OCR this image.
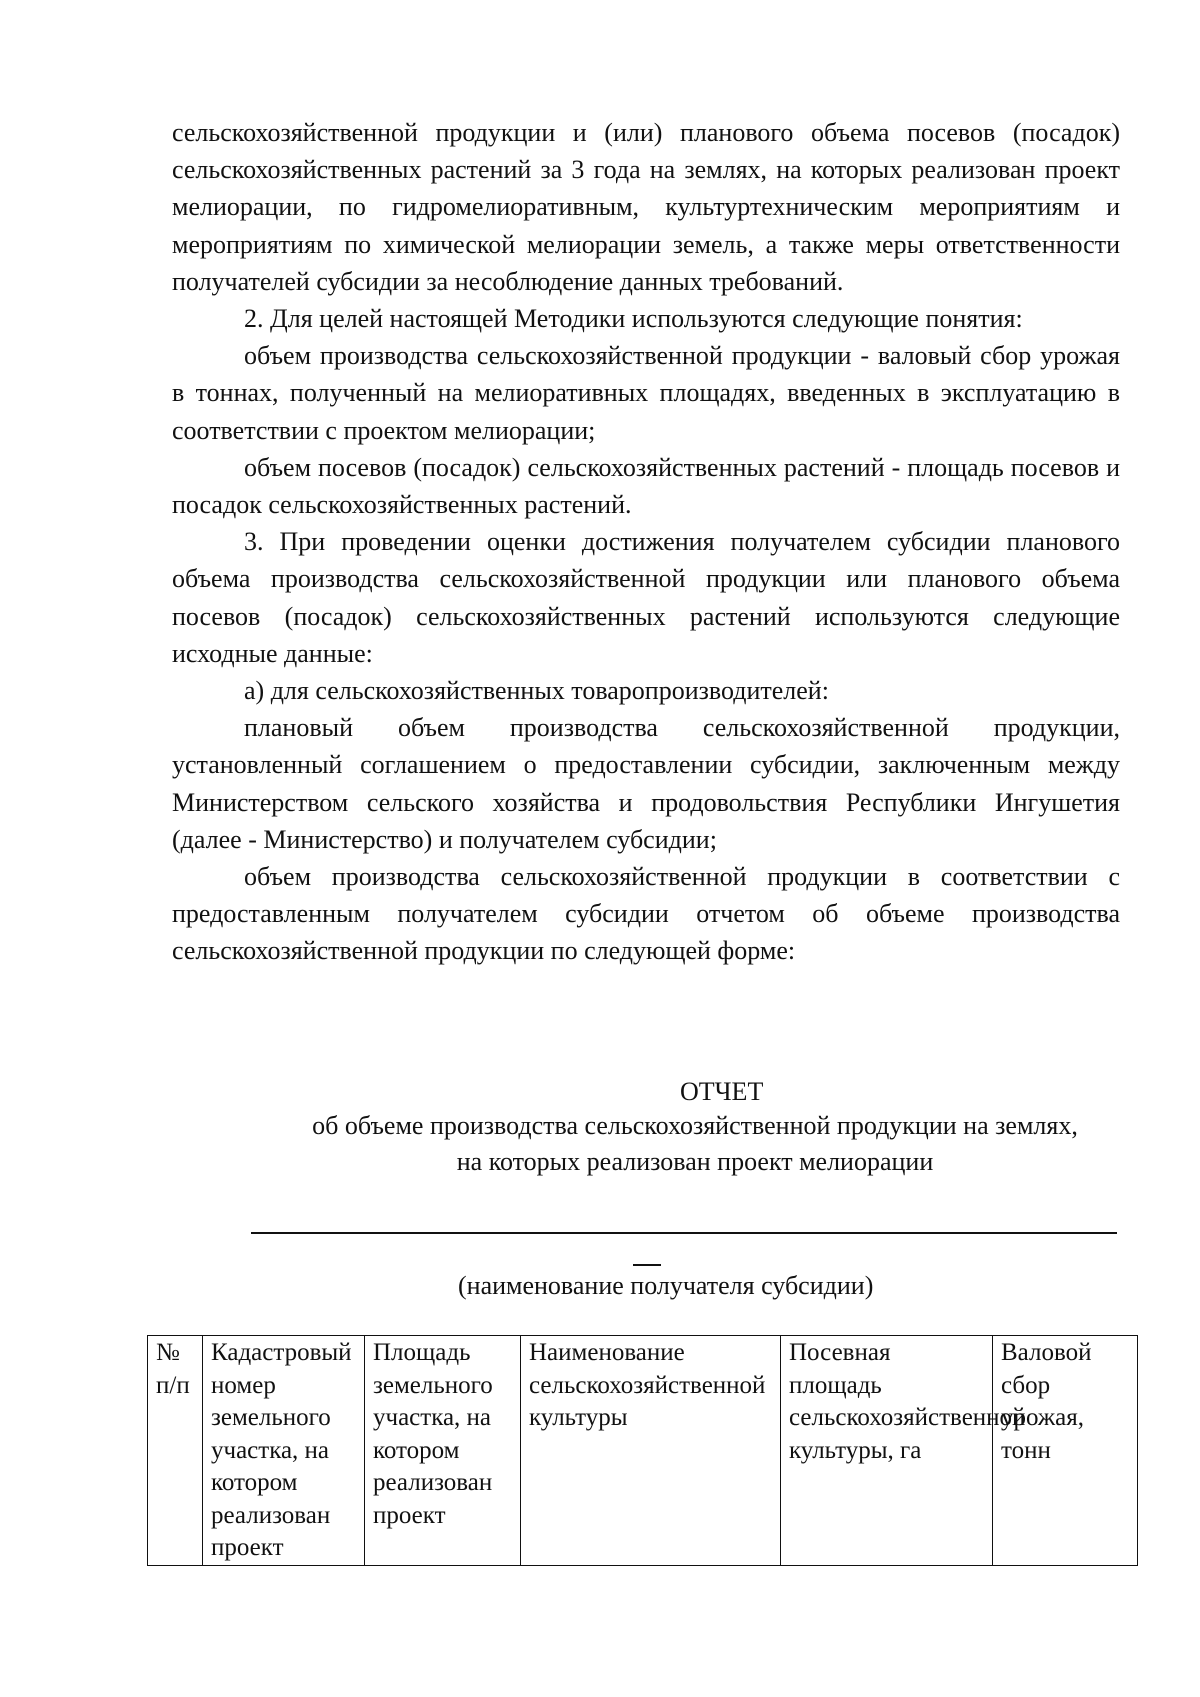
сельскохозяйственной продукции и (или) планового объема посевов (посадок) сельскохозяйственных растений за 3 года на землях, на которых реализован проект мелиорации, по гидромелиоративным, культуртехническим мероприятиям и мероприятиям по химической мелиорации земель, а также меры ответственности получателей субсидии за несоблюдение данных требований.

2. Для целей настоящей Методики используются следующие понятия:

объем производства сельскохозяйственной продукции - валовый сбор урожая в тоннах, полученный на мелиоративных площадях, введенных в эксплуатацию в соответствии с проектом мелиорации;

объем посевов (посадок) сельскохозяйственных растений - площадь посевов и посадок сельскохозяйственных растений.

3. При проведении оценки достижения получателем субсидии планового объема производства сельскохозяйственной продукции или планового объема посевов (посадок) сельскохозяйственных растений используются следующие исходные данные:

а) для сельскохозяйственных товаропроизводителей:

плановый объем производства сельскохозяйственной продукции, установленный соглашением о предоставлении субсидии, заключенным между Министерством сельского хозяйства и продовольствия Республики Ингушетия (далее - Министерство) и получателем субсидии;

объем производства сельскохозяйственной продукции в соответствии с предоставленным получателем субсидии отчетом об объеме производства сельскохозяйственной продукции по следующей форме:

ОТЧЕТ
об объеме производства сельскохозяйственной продукции на землях,
на которых реализован проект мелиорации
(наименование получателя субсидии)
№ п/п	Кадастровый номер земельного участка, на котором реализован проект	Площадь земельного участка, на котором реализован проект	Наименование сельскохозяйственной культуры	Посевная площадь сельскохозяйственной культуры, га	Валовой сбор урожая, тонн
